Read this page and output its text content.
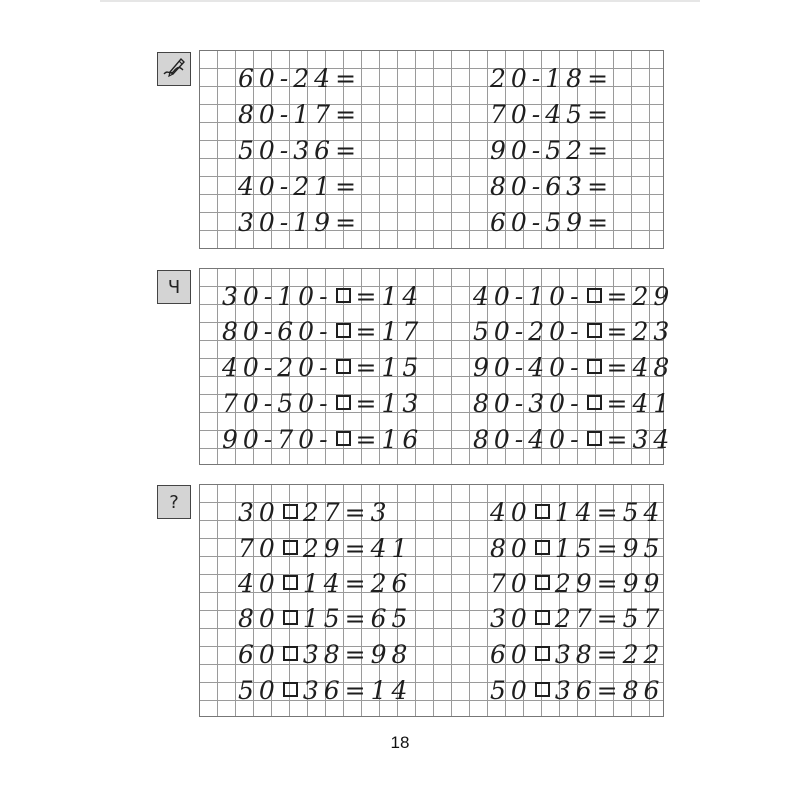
60-24=
80-17=
50-36=
40-21=
30-19=
20-18=
70-45=
90-52=
80-63=
60-59=
Ч	30-10- =14
80-60- =17
40-20- =15
70-50- =13
90-70- =16
40-10- =29
50-20- =23
90-40- =48
80-30- =41
80-40- =34
?	30 27=3
70 29=41
40 14=26
80 15=65
60 38=98
50 36=14
40 14=54
80 15=95
70 29=99
30 27=57
60 38=22
50 36=86
18
